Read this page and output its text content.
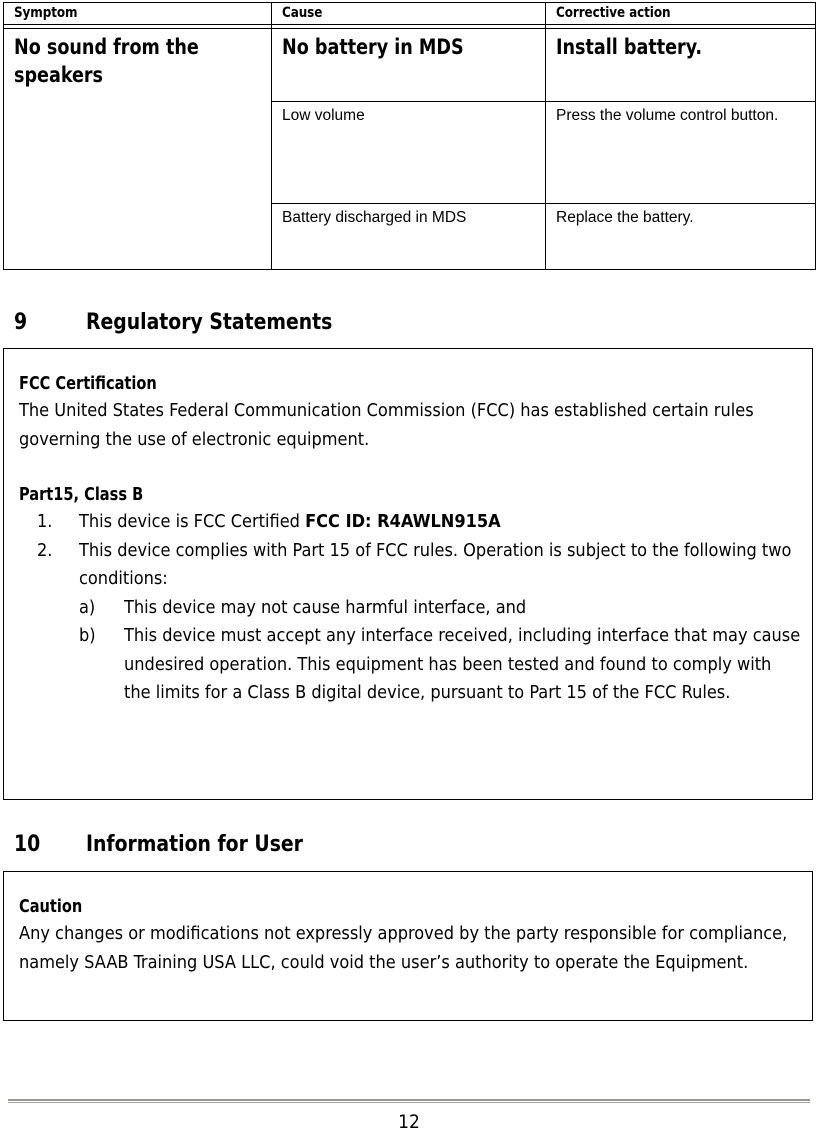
Symptom	Cause	Corrective action

No sound from the speakers	No battery in MDS	Install battery.
	Low volume	Press the volume control button.
	Battery discharged in MDS	Replace the battery.
9	Regulatory Statements
FCC Certification
The United States Federal Communication Commission (FCC) has established certain rules governing the use of electronic equipment.
Part15, Class B
1.	This device is FCC Certified FCC ID: R4AWLN915A
2.	This device complies with Part 15 of FCC rules. Operation is subject to the following two conditions:
a)	This device may not cause harmful interface, and
b)	This device must accept any interface received, including interface that may cause undesired operation. This equipment has been tested and found to comply with the limits for a Class B digital device, pursuant to Part 15 of the FCC Rules.
10 Information for User
Caution
Any changes or modifications not expressly approved by the party responsible for compliance, namely SAAB Training USA LLC, could void the user’s authority to operate the Equipment.
12
